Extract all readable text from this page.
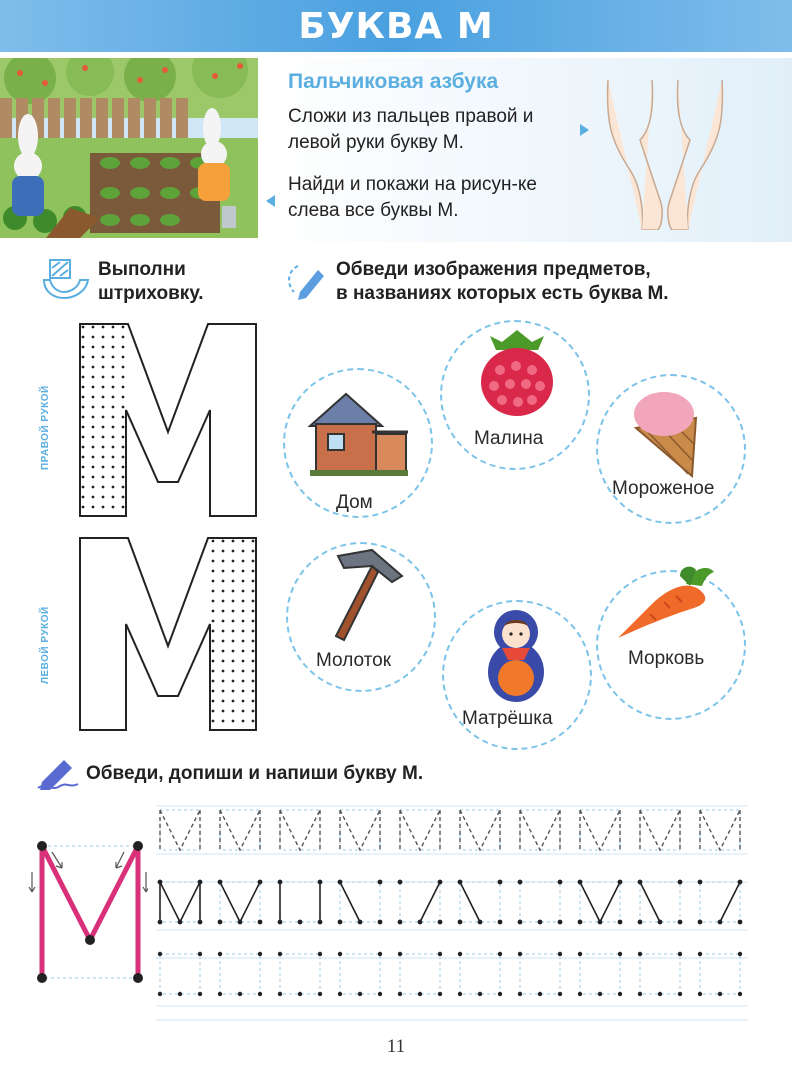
БУКВА М
Пальчиковая азбука
Сложи из пальцев правой и левой руки букву М.
Найди и покажи на рисун-ке слева все буквы М.
Выполни
штриховку.
ПРАВОЙ РУКОЙ
ЛЕВОЙ РУКОЙ
Обведи изображения предметов,
в названиях которых есть буква М.
Дом
Малина
Мороженое
Молоток
Матрёшка
Морковь
Обведи, допиши и напиши букву М.
11
